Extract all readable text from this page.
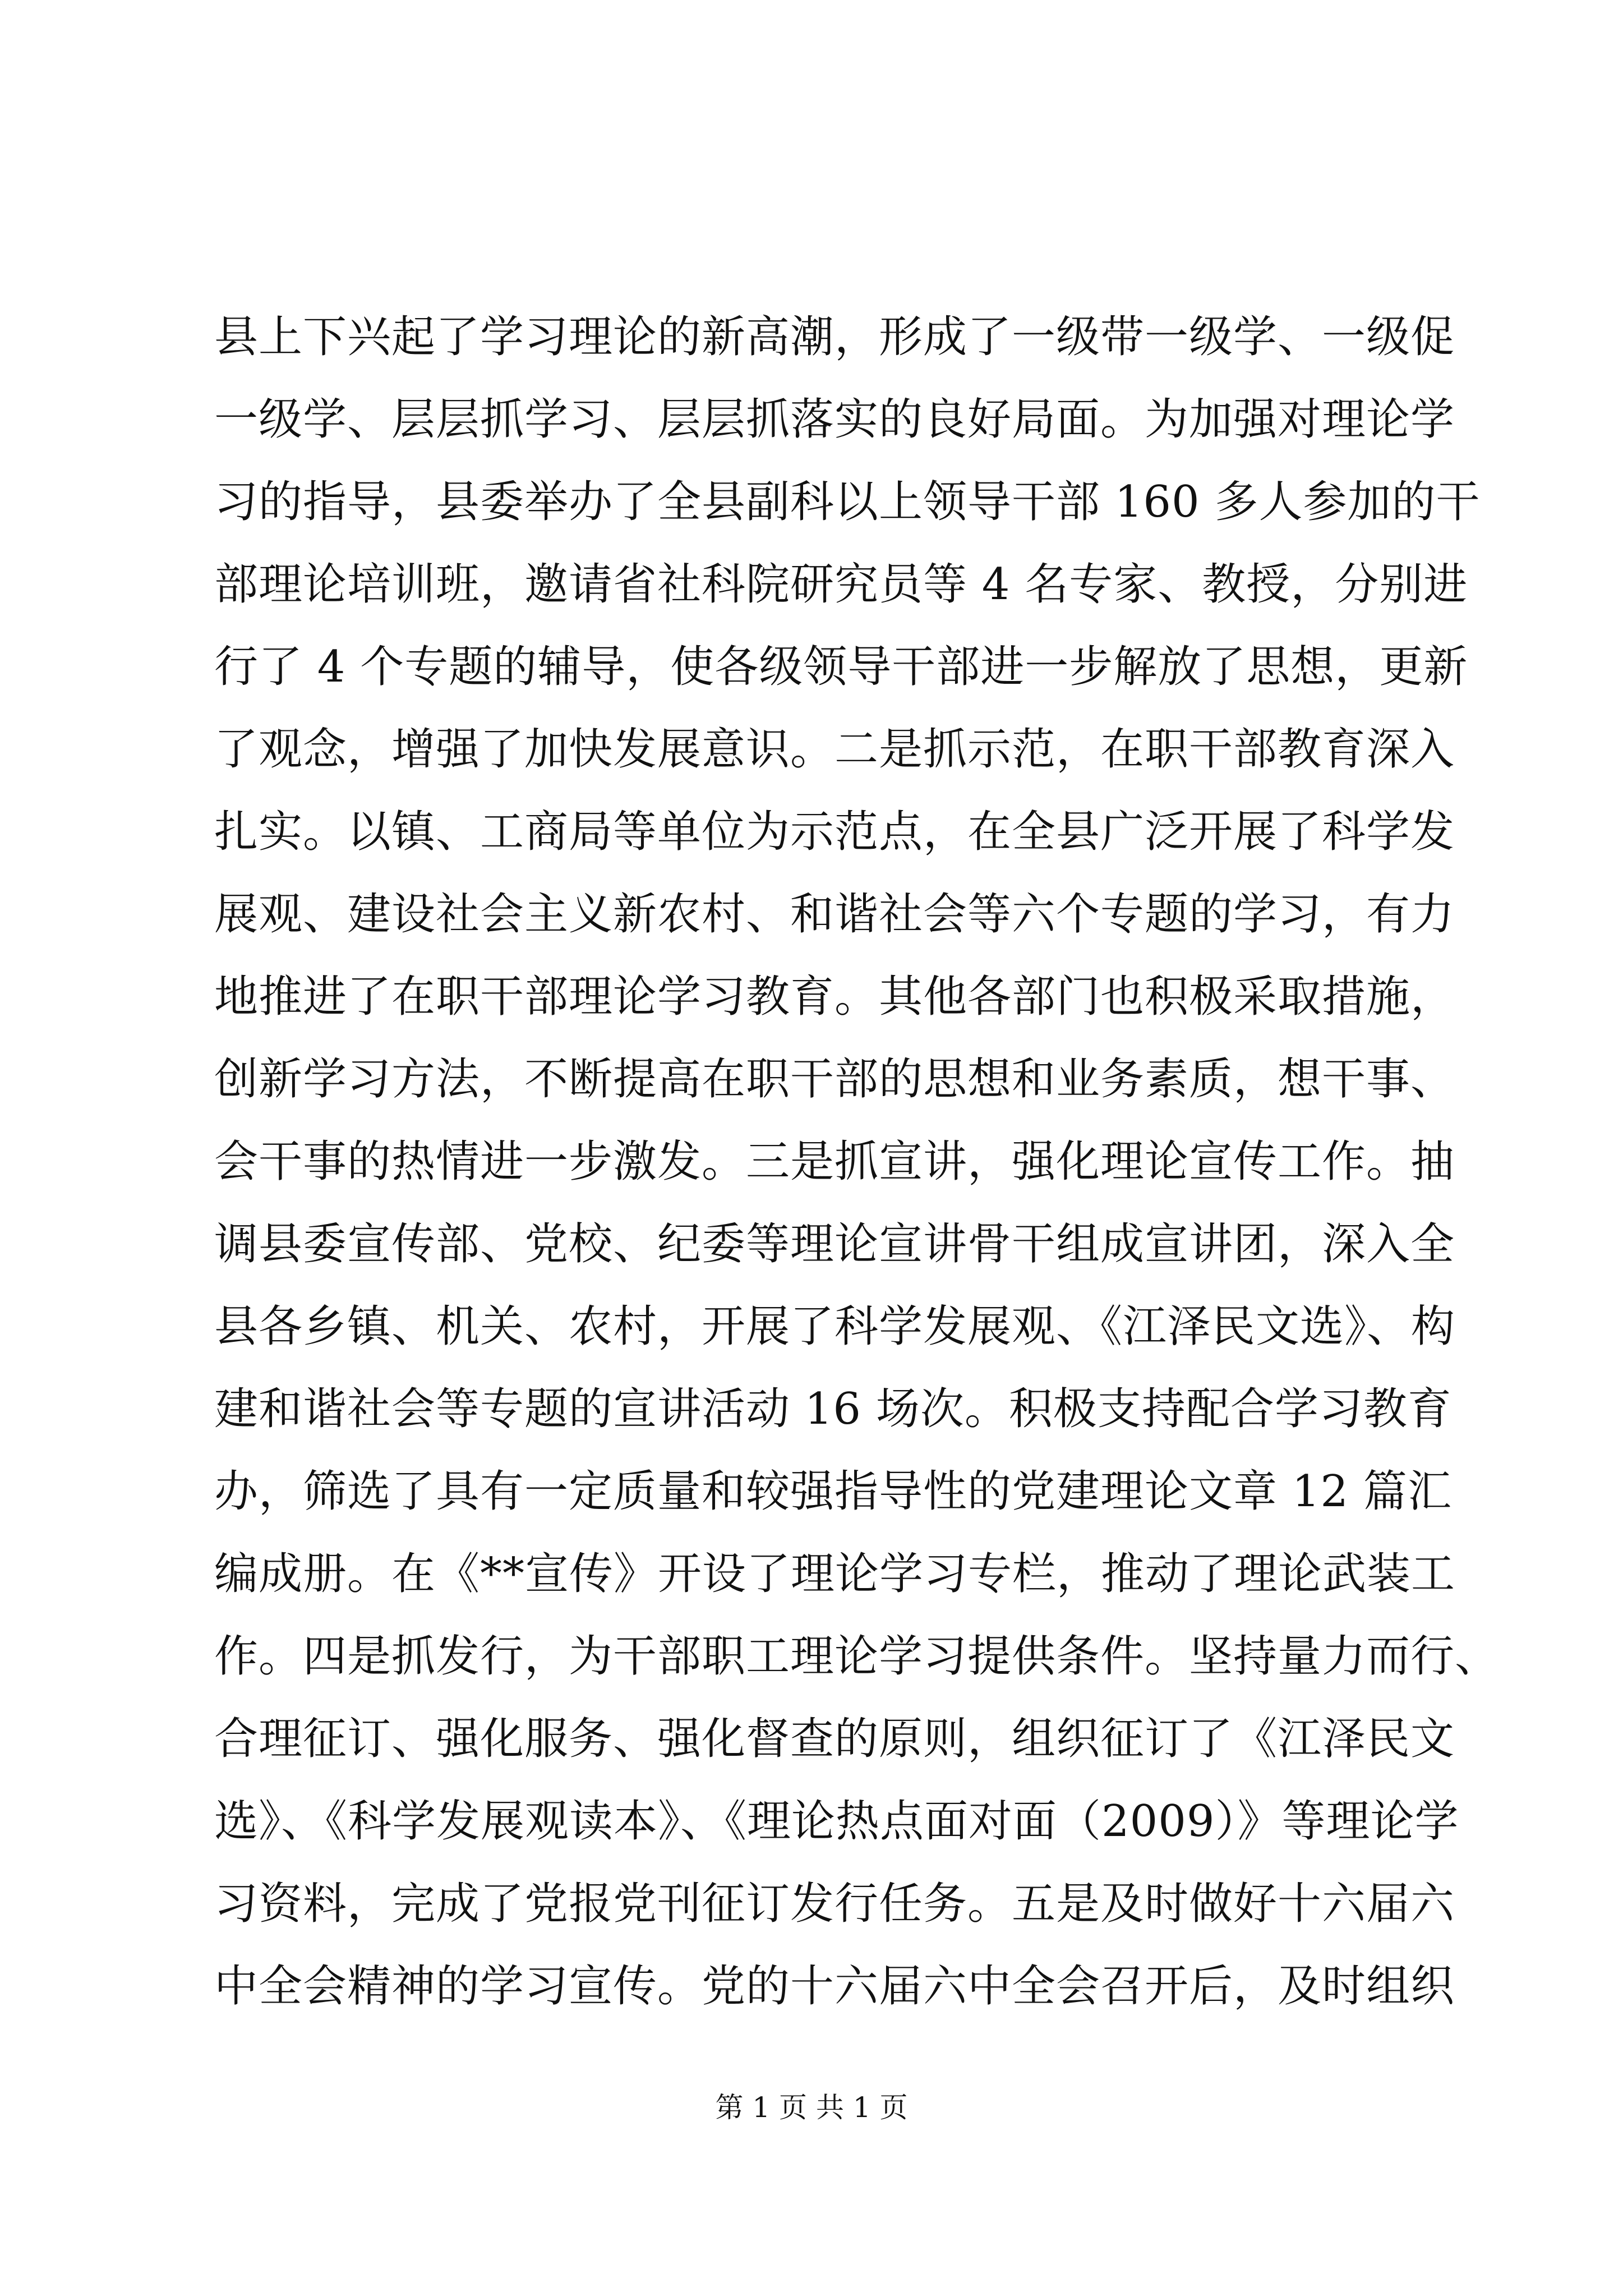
县上下兴起了学习理论的新高潮，形成了一级带一级学、一级促
一级学、层层抓学习、层层抓落实的良好局面。为加强对理论学
习的指导，县委举办了全县副科以上领导干部 160 多人参加的干
部理论培训班，邀请省社科院研究员等 4 名专家、教授，分别进
行了 4 个专题的辅导，使各级领导干部进一步解放了思想，更新
了观念，增强了加快发展意识。二是抓示范，在职干部教育深入
扎实。以镇、工商局等单位为示范点，在全县广泛开展了科学发
展观、建设社会主义新农村、和谐社会等六个专题的学习，有力
地推进了在职干部理论学习教育。其他各部门也积极采取措施，
创新学习方法，不断提高在职干部的思想和业务素质，想干事、
会干事的热情进一步激发。三是抓宣讲，强化理论宣传工作。抽
调县委宣传部、党校、纪委等理论宣讲骨干组成宣讲团，深入全
县各乡镇、机关、农村，开展了科学发展观、《江泽民文选》、构
建和谐社会等专题的宣讲活动 16 场次。积极支持配合学习教育
办，筛选了具有一定质量和较强指导性的党建理论文章 12 篇汇
编成册。在《**宣传》开设了理论学习专栏，推动了理论武装工
作。四是抓发行，为干部职工理论学习提供条件。坚持量力而行、
合理征订、强化服务、强化督查的原则，组织征订了《江泽民文
选》、《科学发展观读本》、《理论热点面对面（2009）》等理论学
习资料，完成了党报党刊征订发行任务。五是及时做好十六届六
中全会精神的学习宣传。党的十六届六中全会召开后，及时组织
第 1 页 共 1 页
